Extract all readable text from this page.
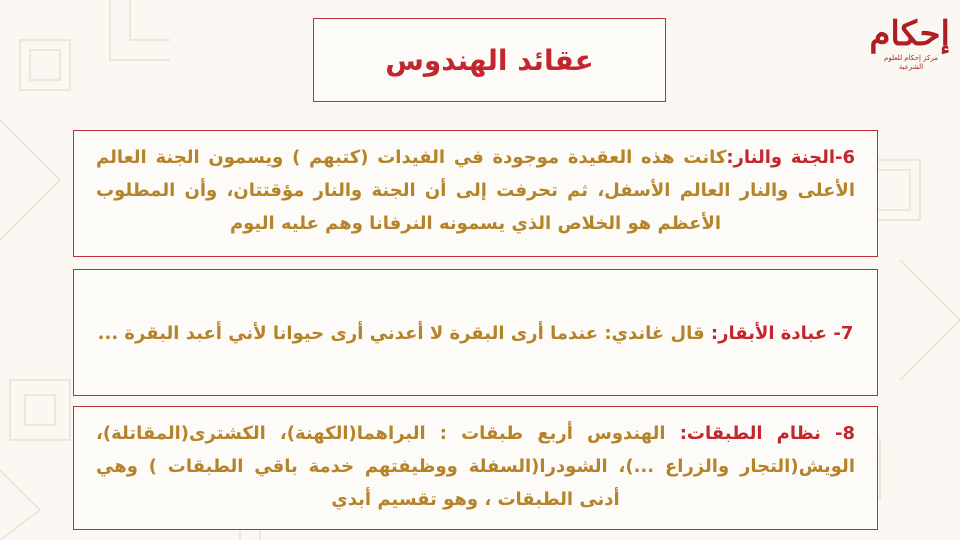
إحكام
مركز إحكام للعلوم الشرعية
عقائد الهندوس
6-الجنة والنار:كانت هذه العقيدة موجودة في الفيدات (كتبهم ) ويسمون الجنة العالم الأعلى والنار العالم الأسفل، ثم تحرفت إلى أن الجنة والنار مؤقتتان، وأن المطلوب الأعظم هو الخلاص الذي يسمونه النرفانا وهم عليه اليوم
7- عبادة الأبقار: قال غاندي: عندما أرى البقرة لا أعدني أرى حيوانا لأني أعبد البقرة ...
8- نظام الطبقات: الهندوس أربع طبقات : البراهما(الكهنة)، الكشترى(المقاتلة)، الويش(التجار والزراع ...)، الشودرا(السفلة ووظيفتهم خدمة باقي الطبقات ) وهي أدنى الطبقات ، وهو تقسيم أبدي
